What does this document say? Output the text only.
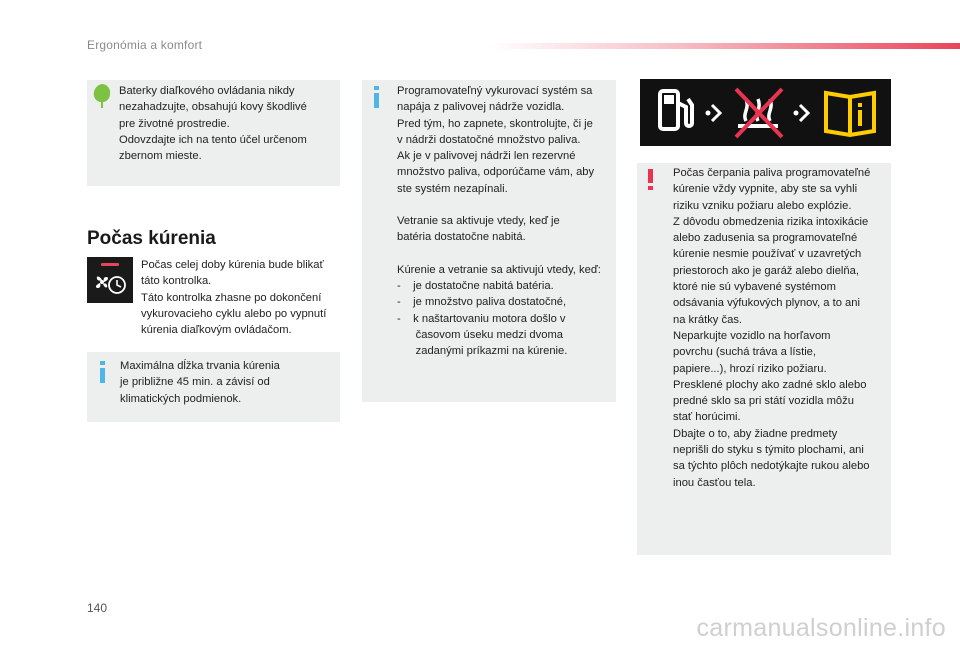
Ergonómia a komfort

Baterky diaľkového ovládania nikdy

nezahadzujte, obsahujú kovy škodlivé

pre životné prostredie.

Odovzdajte ich na tento účel určenom

zbernom mieste.

Počas kúrenia

Počas celej doby kúrenia bude blikať

táto kontrolka.

Táto kontrolka zhasne po dokončení

vykurovacieho cyklu alebo po vypnutí

kúrenia diaľkovým ovládačom.

Maximálna dĺžka trvania kúrenia

je približne 45 min. a závisí od

klimatických podmienok.

Programovateľný vykurovací systém sa

napája z palivovej nádrže vozidla.

Pred tým, ho zapnete, skontrolujte, či je

v nádrži dostatočné množstvo paliva.

Ak je v palivovej nádrži len rezervné

množstvo paliva, odporúčame vám, aby

ste systém nezapínali.

Vetranie sa aktivuje vtedy, keď je

batéria dostatočne nabitá.

Kúrenie a vetranie sa aktivujú vtedy, keď:

-    je dostatočne nabitá batéria.

-    je množstvo paliva dostatočné,

-    k naštartovaniu motora došlo v

časovom úseku medzi dvoma

zadanými príkazmi na kúrenie.

Počas čerpania paliva programovateľné

kúrenie vždy vypnite, aby ste sa vyhli

riziku vzniku požiaru alebo explózie.

Z dôvodu obmedzenia rizika intoxikácie

alebo zadusenia sa programovateľné

kúrenie nesmie používať v uzavretých

priestoroch ako je garáž alebo dielňa,

ktoré nie sú vybavené systémom

odsávania výfukových plynov, a to ani

na krátky čas.

Neparkujte vozidlo na horľavom

povrchu (suchá tráva a lístie,

papiere...), hrozí riziko požiaru.

Presklené plochy ako zadné sklo alebo

predné sklo sa pri státí vozidla môžu

stať horúcimi.

Dbajte o to, aby žiadne predmety

neprišli do styku s týmito plochami, ani

sa týchto plôch nedotýkajte rukou alebo

inou časťou tela.

140
carmanualsonline.info
